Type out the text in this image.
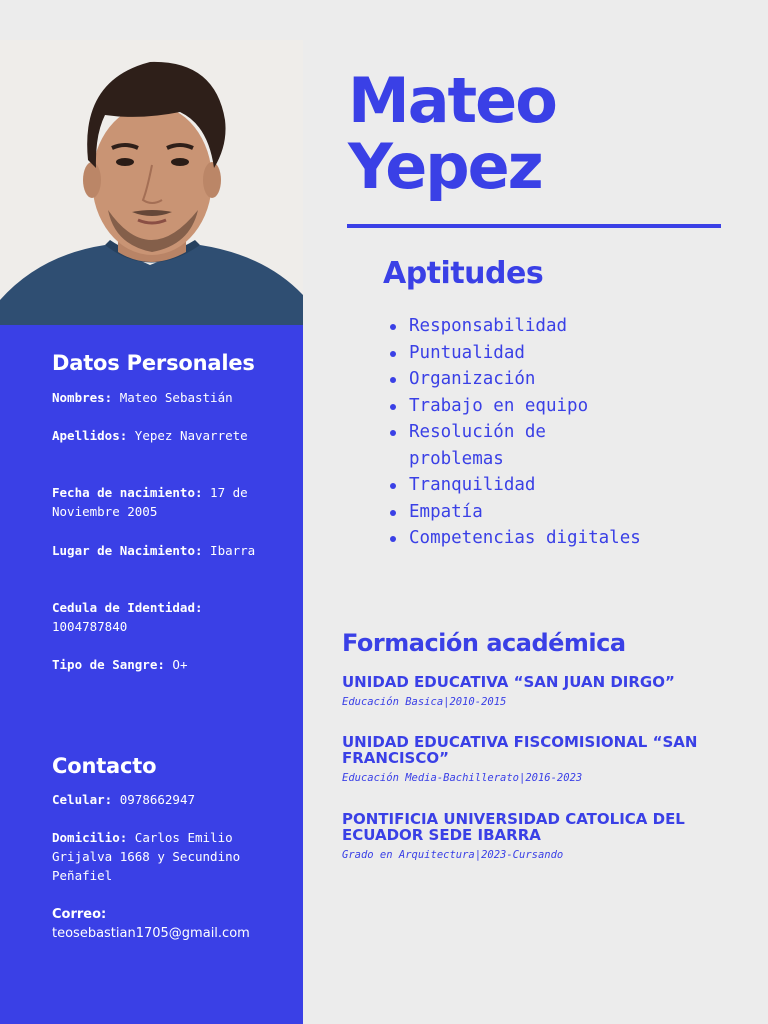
Datos Personales
Nombres: Mateo Sebastián
Apellidos: Yepez Navarrete
Fecha de nacimiento: 17 de Noviembre 2005
Lugar de Nacimiento: Ibarra
Cedula de Identidad: 1004787840
Tipo de Sangre: O+
Contacto
Celular: 0978662947
Domicilio: Carlos Emilio Grijalva 1668 y Secundino Peñafiel
Correo:
teosebastian1705@gmail.com
Mateo
Yepez
Aptitudes
Responsabilidad
Puntualidad
Organización
Trabajo en equipo
Resolución de problemas
Tranquilidad
Empatía
Competencias digitales
Formación académica
UNIDAD EDUCATIVA “SAN JUAN DIRGO”
Educación Basica|2010-2015
UNIDAD EDUCATIVA FISCOMISIONAL “SAN FRANCISCO”
Educación Media-Bachillerato|2016-2023
PONTIFICIA UNIVERSIDAD CATOLICA DEL ECUADOR SEDE IBARRA
Grado en Arquitectura|2023-Cursando
